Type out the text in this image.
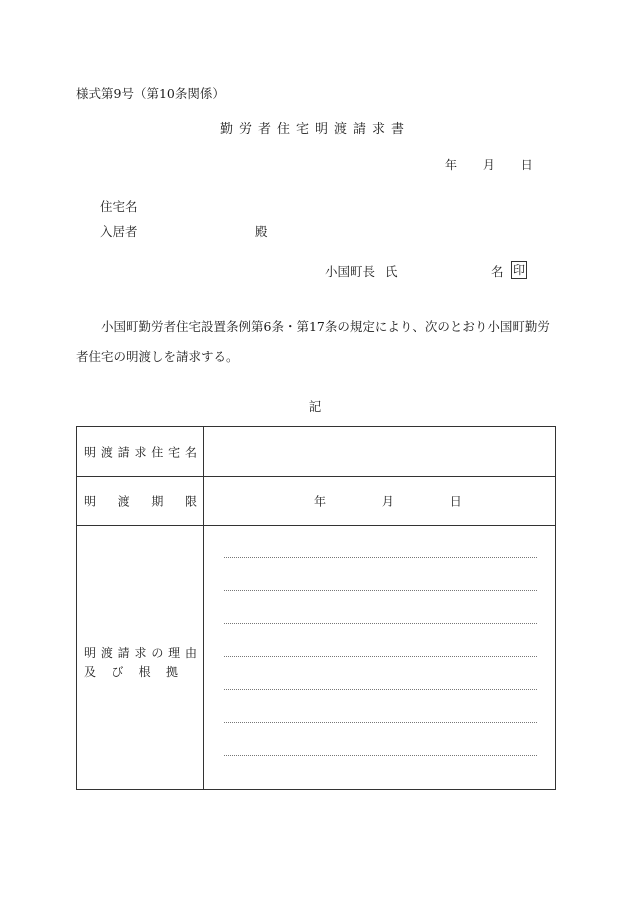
様式第9号（第10条関係）
勤労者住宅明渡請求書
年 月 日
住宅名
入居者	殿
小国町長 氏	名 印
小国町勤労者住宅設置条例第6条・第17条の規定により、次のとおり小国町勤労者住宅の明渡しを請求する。
記
明 渡 請 求 住 宅 名
明 渡 期 限	年	月	日
明 渡 請 求 の 理 由
及 び 根 拠
